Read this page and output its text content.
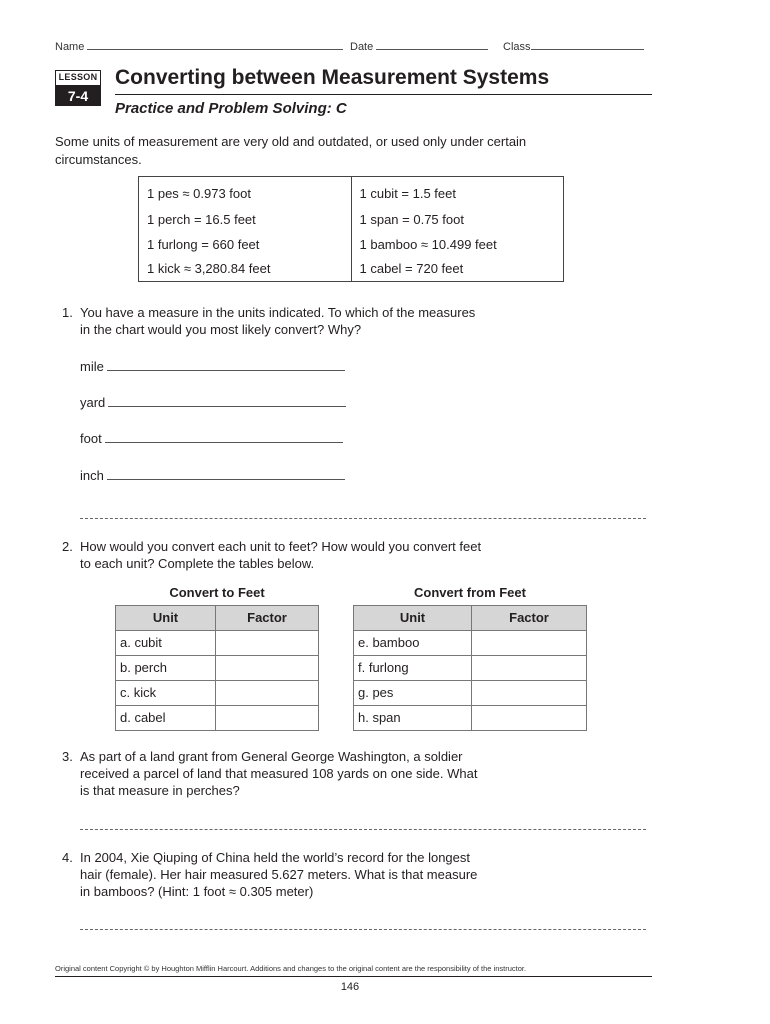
Name	Date	Class
LESSON
7-4
Converting between Measurement Systems
Practice and Problem Solving: C
Some units of measurement are very old and outdated, or used only under certain circumstances.
1 pes ≈ 0.973 foot	1 cubit = 1.5 feet
1 perch = 16.5 feet	1 span = 0.75 foot
1 furlong = 660 feet	1 bamboo ≈ 10.499 feet
1 kick ≈ 3,280.84 feet	1 cabel = 720 feet
1. You have a measure in the units indicated. To which of the measures
in the chart would you most likely convert? Why?
mile
yard
foot
inch
2. How would you convert each unit to feet? How would you convert feet
to each unit? Complete the tables below.
Convert to Feet	
Unit	Factor
a. cubit	
b. perch	
c. kick	
d. cabel	
Convert from Feet	
Unit	Factor
e. bamboo	
f. furlong	
g. pes	
h. span	
3. As part of a land grant from General George Washington, a soldier
received a parcel of land that measured 108 yards on one side. What
is that measure in perches?
4. In 2004, Xie Qiuping of China held the world’s record for the longest
hair (female). Her hair measured 5.627 meters. What is that measure
in bamboos? (Hint: 1 foot ≈ 0.305 meter)
Original content Copyright © by Houghton Mifflin Harcourt. Additions and changes to the original content are the responsibility of the instructor.
146
